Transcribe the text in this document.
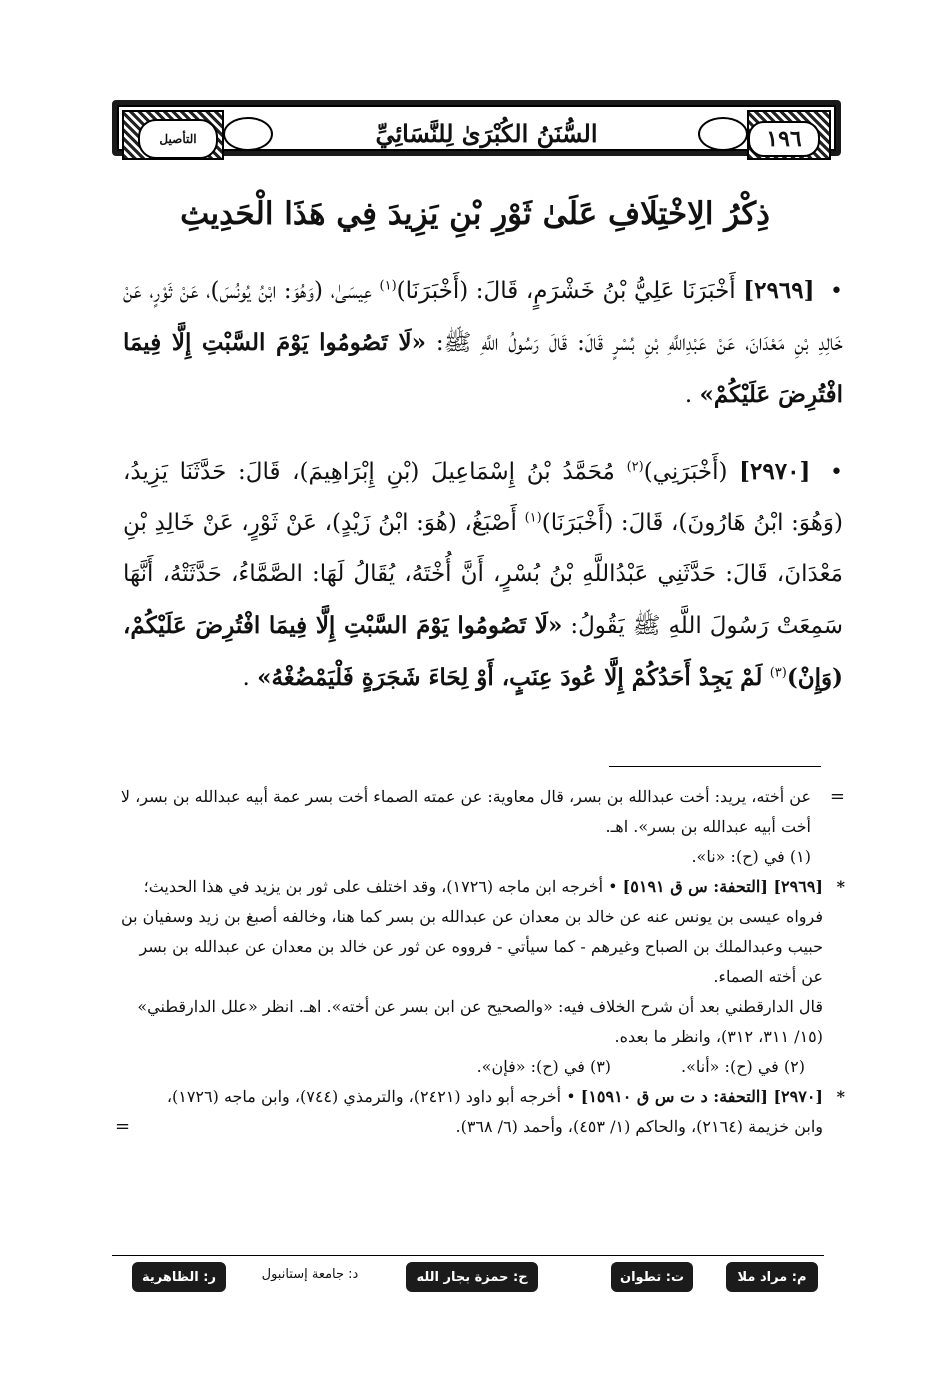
التأصيل	السُّنَنُ الكُبْرَىٰ لِلنَّسَائِيِّ	١٩٦
ذِكْرُ الِاخْتِلَافِ عَلَىٰ ثَوْرِ بْنِ يَزِيدَ فِي هَذَا الْحَدِيثِ
• [٢٩٦٩] أَخْبَرَنَا عَلِيُّ بْنُ خَشْرَمٍ، قَالَ: (أَخْبَرَنَا)$^{(١)}$ عِيسَىٰ، (وَهُوَ: ابْنُ يُونُسَ)، عَنْ ثَوْرٍ، عَنْ خَالِدِ بْنِ مَعْدَانَ، عَنْ عَبْدِاللَّهِ بْنِ بُسْرٍ قَالَ: قَالَ رَسُولُ اللَّهِ ﷺ: «لَا تَصُومُوا يَوْمَ السَّبْتِ إِلَّا فِيمَا افْتُرِضَ عَلَيْكُمْ» .
• [٢٩٧٠] (أَخْبَرَنِي)$^{(٢)}$ مُحَمَّدُ بْنُ إِسْمَاعِيلَ (بْنِ إِبْرَاهِيمَ)، قَالَ: حَدَّثَنَا يَزِيدُ، (وَهُوَ: ابْنُ هَارُونَ)، قَالَ: (أَخْبَرَنَا)$^{(١)}$ أَصْبَغُ، (هُوَ: ابْنُ زَيْدٍ)، عَنْ ثَوْرٍ، عَنْ خَالِدِ بْنِ مَعْدَانَ، قَالَ: حَدَّثَنِي عَبْدُاللَّهِ بْنُ بُسْرٍ، أَنَّ أُخْتَهُ، يُقَالُ لَهَا: الصَّمَّاءُ، حَدَّثَتْهُ، أَنَّهَا سَمِعَتْ رَسُولَ اللَّهِ ﷺ يَقُولُ: «لَا تَصُومُوا يَوْمَ السَّبْتِ إِلَّا فِيمَا افْتُرِضَ عَلَيْكُمْ، (وَإِنْ)$^{(٣)}$ لَمْ يَجِدْ أَحَدُكُمْ إِلَّا عُودَ عِنَبٍ، أَوْ لِحَاءَ شَجَرَةٍ فَلْيَمْضُغْهُ» .

=
عن أخته، يريد: أخت عبدالله بن بسر، قال معاوية: عن عمته الصماء أخت بسر عمة أبيه عبدالله بن بسر، لا أخت أبيه عبدالله بن بسر». اهـ.

(١) في (ح): «نا».

*
[٢٩٦٩] [التحفة: س ق ٥١٩١] • أخرجه ابن ماجه (١٧٢٦)، وقد اختلف على ثور بن يزيد في هذا الحديث؛ فرواه عيسى بن يونس عنه عن خالد بن معدان عن عبدالله بن بسر كما هنا، وخالفه أصبغ بن زيد وسفيان بن حبيب وعبدالملك بن الصباح وغيرهم - كما سيأتي - فرووه عن ثور عن خالد بن معدان عن عبدالله بن بسر عن أخته الصماء.

قال الدارقطني بعد أن شرح الخلاف فيه: «والصحيح عن ابن بسر عن أخته». اهـ. انظر «علل الدارقطني» (١٥/ ٣١١، ٣١٢)، وانظر ما بعده.

(٢) في (ح): «أنا».
(٣) في (ح): «فإن».

*
[٢٩٧٠] [التحفة: د ت س ق ١٥٩١٠] • أخرجه أبو داود (٢٤٢١)، والترمذي (٧٤٤)، وابن ماجه (١٧٢٦)، وابن خزيمة (٢١٦٤)، والحاكم (١/ ٤٥٣)، وأحمد (٦/ ٣٦٨).
=

م: مراد ملا
ت: تطوان
ح: حمزة بجار الله
د: جامعة إستانبول
ر: الظاهرية
